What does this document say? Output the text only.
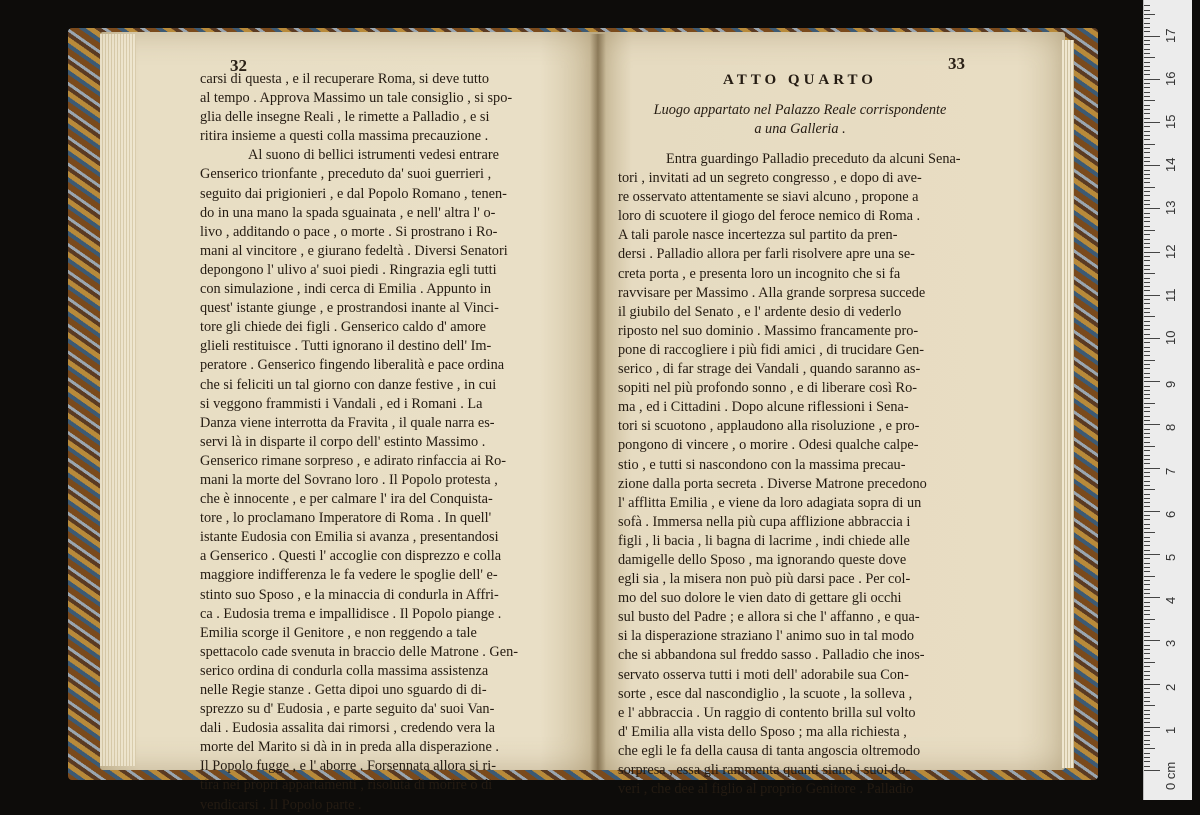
32	33
carsi di questa , e il recuperare Roma, si deve tutto
al tempo . Approva Massimo un tale consiglio , si spo-
glia delle insegne Reali , le rimette a Palladio , e si
ritira insieme a questi colla massima precauzione .
Al suono di bellici istrumenti vedesi entrare
Genserico trionfante , preceduto da' suoi guerrieri ,
seguito dai prigionieri , e dal Popolo Romano , tenen-
do in una mano la spada sguainata , e nell' altra l' o-
livo , additando o pace , o morte . Si prostrano i Ro-
mani al vincitore , e giurano fedeltà . Diversi Senatori
depongono l' ulivo a' suoi piedi . Ringrazia egli tutti
con simulazione , indi cerca di Emilia . Appunto in
quest' istante giunge , e prostrandosi inante al Vinci-
tore gli chiede dei figli . Genserico caldo d' amore
glieli restituisce . Tutti ignorano il destino dell' Im-
peratore . Genserico fingendo liberalità e pace ordina
che si feliciti un tal giorno con danze festive , in cui
si veggono frammisti i Vandali , ed i Romani . La
Danza viene interrotta da Fravita , il quale narra es-
servi là in disparte il corpo dell' estinto Massimo .
Genserico rimane sorpreso , e adirato rinfaccia ai Ro-
mani la morte del Sovrano loro . Il Popolo protesta ,
che è innocente , e per calmare l' ira del Conquista-
tore , lo proclamano Imperatore di Roma . In quell'
istante Eudosia con Emilia si avanza , presentandosi
a Genserico . Questi l' accoglie con disprezzo e colla
maggiore indifferenza le fa vedere le spoglie dell' e-
stinto suo Sposo , e la minaccia di condurla in Affri-
ca . Eudosia trema e impallidisce . Il Popolo piange .
Emilia scorge il Genitore , e non reggendo a tale
spettacolo cade svenuta in braccio delle Matrone . Gen-
serico ordina di condurla colla massima assistenza
nelle Regie stanze . Getta dipoi uno sguardo di di-
sprezzo su d' Eudosia , e parte seguito da' suoi Van-
dali . Eudosia assalita dai rimorsi , credendo vera la
morte del Marito si dà in in preda alla disperazione .
Il Popolo fugge , e l' aborre . Forsennata allora si ri-
tira nei propri appartamenti , risoluta di morire o di
vendicarsi . Il Popolo parte .
ATTO QUARTO
Luogo appartato nel Palazzo Reale corrispondente
a una Galleria .
Entra guardingo Palladio preceduto da alcuni Sena-
tori , invitati ad un segreto congresso , e dopo di ave-
re osservato attentamente se siavi alcuno , propone a
loro di scuotere il giogo del feroce nemico di Roma .
A tali parole nasce incertezza sul partito da pren-
dersi . Palladio allora per farli risolvere apre una se-
creta porta , e presenta loro un incognito che si fa
ravvisare per Massimo . Alla grande sorpresa succede
il giubilo del Senato , e l' ardente desio di vederlo
riposto nel suo dominio . Massimo francamente pro-
pone di raccogliere i più fidi amici , di trucidare Gen-
serico , di far strage dei Vandali , quando saranno as-
sopiti nel più profondo sonno , e di liberare così Ro-
ma , ed i Cittadini . Dopo alcune riflessioni i Sena-
tori si scuotono , applaudono alla risoluzione , e pro-
pongono di vincere , o morire . Odesi qualche calpe-
stio , e tutti si nascondono con la massima precau-
zione dalla porta secreta . Diverse Matrone precedono
l' afflitta Emilia , e viene da loro adagiata sopra di un
sofà . Immersa nella più cupa afflizione abbraccia i
figli , li bacia , li bagna di lacrime , indi chiede alle
damigelle dello Sposo , ma ignorando queste dove
egli sia , la misera non può più darsi pace . Per col-
mo del suo dolore le vien dato di gettare gli occhi
sul busto del Padre ; e allora si che l' affanno , e qua-
si la disperazione straziano l' animo suo in tal modo
che si abbandona sul freddo sasso . Palladio che inos-
servato osserva tutti i moti dell' adorabile sua Con-
sorte , esce dal nascondiglio , la scuote , la solleva ,
e l' abbraccia . Un raggio di contento brilla sul volto
d' Emilia alla vista dello Sposo ; ma alla richiesta ,
che egli le fa della causa di tanta angoscia oltremodo
sorpresa , essa gli rammenta quanti siano i suoi do-
veri , che dee al figlio al proprio Genitore . Palladio	0 cm
1
2
3
4
5
6
7
8
9
10
11
12
13
14
15
16
17
